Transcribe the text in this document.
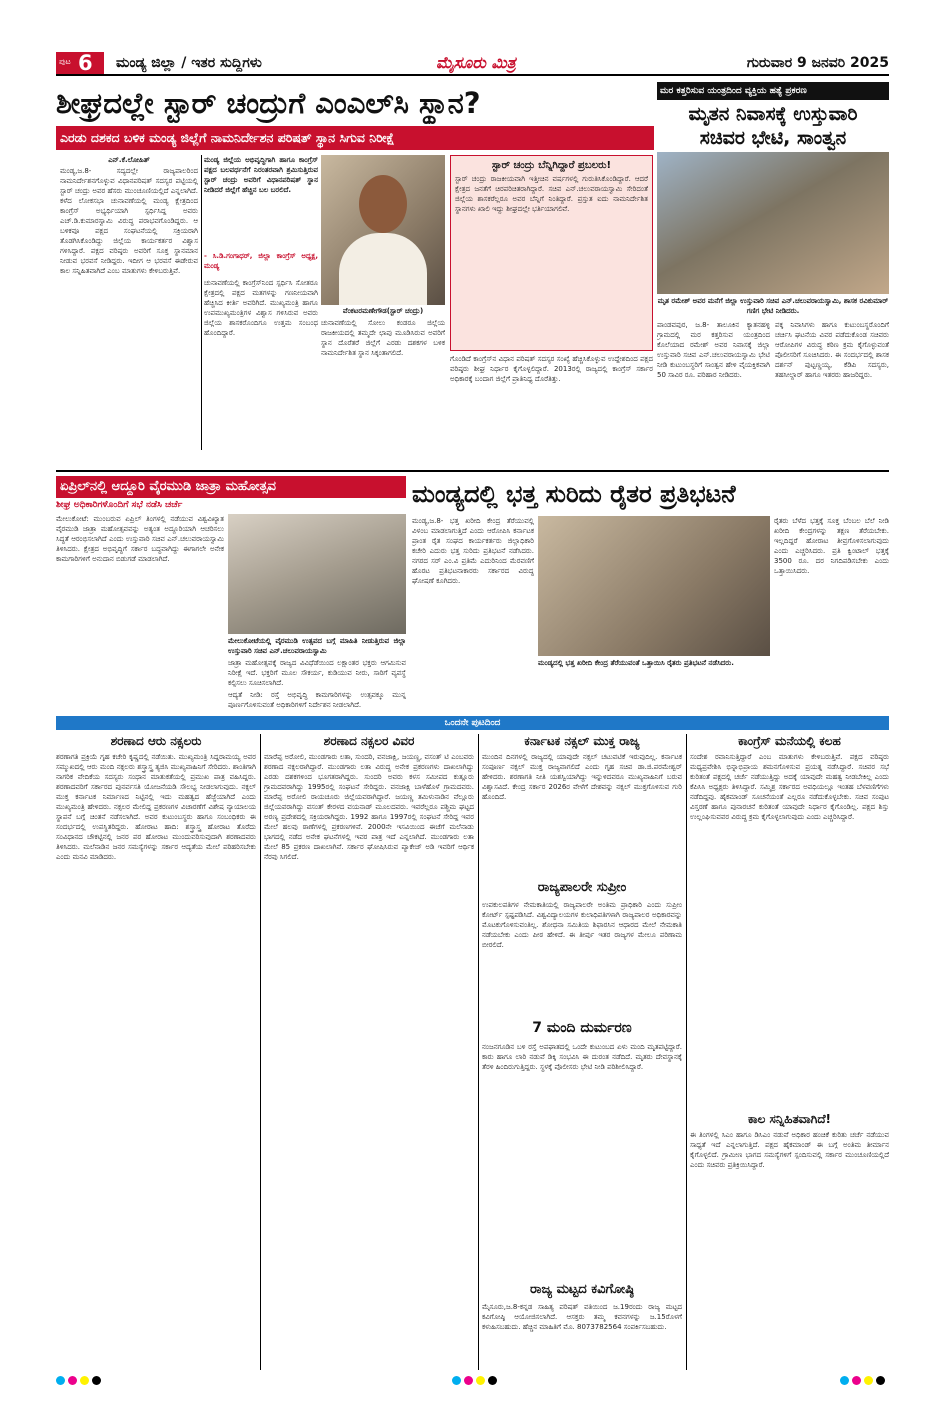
ಪುಟ 6 ಮಂಡ್ಯ ಜಿಲ್ಲಾ / ಇತರ ಸುದ್ದಿಗಳು	ಮೈಸೂರು ಮಿತ್ರ	ಗುರುವಾರ 9 ಜನವರಿ 2025
ಶೀಘ್ರದಲ್ಲೇ ಸ್ಟಾರ್ ಚಂದ್ರುಗೆ ಎಂಎಲ್‌ಸಿ ಸ್ಥಾನ?
ಎರಡು ದಶಕದ ಬಳಿಕ ಮಂಡ್ಯ ಜಿಲ್ಲೆಗೆ ನಾಮನಿರ್ದೇಶನ ಪರಿಷತ್ ಸ್ಥಾನ ಸಿಗುವ ನಿರೀಕ್ಷೆ
ಎನ್.ಕೆ.ಲೋಹಿತ್
ಮಂಡ್ಯ,ಜ.8- ಸದ್ಯದಲ್ಲೇ ರಾಜ್ಯಪಾಲರಿಂದ ನಾಮನಿರ್ದೇಶನಗೊಳ್ಳುವ ವಿಧಾನಪರಿಷತ್ ಸದಸ್ಯರ ಪಟ್ಟಿಯಲ್ಲಿ ಸ್ಟಾರ್ ಚಂದ್ರು ಅವರ ಹೆಸರು ಮುಂಚೂಣಿಯಲ್ಲಿದೆ ಎನ್ನಲಾಗಿದೆ. ಕಳೆದ ಲೋಕಸಭಾ ಚುನಾವಣೆಯಲ್ಲಿ ಮಂಡ್ಯ ಕ್ಷೇತ್ರದಿಂದ ಕಾಂಗ್ರೆಸ್ ಅಭ್ಯರ್ಥಿಯಾಗಿ ಸ್ಪರ್ಧಿಸಿದ್ದ ಅವರು ಎಚ್.ಡಿ.ಕುಮಾರಸ್ವಾಮಿ ವಿರುದ್ಧ ಪರಾಭವಗೊಂಡಿದ್ದರು. ಆ ಬಳಿಕವೂ ಪಕ್ಷದ ಸಂಘಟನೆಯಲ್ಲಿ ಸಕ್ರಿಯರಾಗಿ ತೊಡಗಿಸಿಕೊಂಡಿದ್ದು ಜಿಲ್ಲೆಯ ಕಾರ್ಯಕರ್ತರ ವಿಶ್ವಾಸ ಗಳಿಸಿದ್ದಾರೆ. ಪಕ್ಷದ ವರಿಷ್ಠರು ಅವರಿಗೆ ಸೂಕ್ತ ಸ್ಥಾನಮಾನ ನೀಡುವ ಭರವಸೆ ನೀಡಿದ್ದರು. ಇದೀಗ ಆ ಭರವಸೆ ಈಡೇರುವ ಕಾಲ ಸನ್ನಿಹಿತವಾಗಿದೆ ಎಂಬ ಮಾತುಗಳು ಕೇಳಿಬರುತ್ತಿವೆ.
ಮಂಡ್ಯ ಜಿಲ್ಲೆಯ ಅಭಿವೃದ್ಧಿಗಾಗಿ ಹಾಗೂ ಕಾಂಗ್ರೆಸ್ ಪಕ್ಷದ ಬಲವರ್ಧನೆಗೆ ನಿರಂತರವಾಗಿ ಶ್ರಮಿಸುತ್ತಿರುವ ಸ್ಟಾರ್ ಚಂದ್ರು ಅವರಿಗೆ ವಿಧಾನಪರಿಷತ್ ಸ್ಥಾನ ನೀಡಿದರೆ ಜಿಲ್ಲೆಗೆ ಹೆಚ್ಚಿನ ಬಲ ಬರಲಿದೆ.
- ಸಿ.ಡಿ.ಗಂಗಾಧರ್, ಜಿಲ್ಲಾ ಕಾಂಗ್ರೆಸ್ ಅಧ್ಯಕ್ಷ, ಮಂಡ್ಯ
ಚುನಾವಣೆಯಲ್ಲಿ ಕಾಂಗ್ರೆಸ್‌ನಿಂದ ಸ್ಪರ್ಧಿಸಿ ಸೋತರೂ ಕ್ಷೇತ್ರದಲ್ಲಿ ಪಕ್ಷದ ಮತಗಳನ್ನು ಗಣನೀಯವಾಗಿ ಹೆಚ್ಚಿಸಿದ ಕೀರ್ತಿ ಅವರಿಗಿದೆ. ಮುಖ್ಯಮಂತ್ರಿ ಹಾಗೂ ಉಪಮುಖ್ಯಮಂತ್ರಿಗಳ ವಿಶ್ವಾಸ ಗಳಿಸಿರುವ ಅವರು ಜಿಲ್ಲೆಯ ಶಾಸಕರೊಂದಿಗೂ ಉತ್ತಮ ಸಂಬಂಧ ಹೊಂದಿದ್ದಾರೆ.
ವೆಂಕಟರಮಣೇಗೌಡ(ಸ್ಟಾರ್ ಚಂದ್ರು)
ಚುನಾವಣೆಯಲ್ಲಿ ಸೋಲು ಕಂಡರೂ ಜಿಲ್ಲೆಯ ರಾಜಕೀಯದಲ್ಲಿ ತಮ್ಮದೇ ಛಾಪು ಮೂಡಿಸಿರುವ ಅವರಿಗೆ ಸ್ಥಾನ ದೊರೆತರೆ ಜಿಲ್ಲೆಗೆ ಎರಡು ದಶಕಗಳ ಬಳಿಕ ನಾಮನಿರ್ದೇಶಿತ ಸ್ಥಾನ ಸಿಕ್ಕಂತಾಗಲಿದೆ.
ಸ್ಟಾರ್ ಚಂದ್ರು ಬೆನ್ನಿಗಿದ್ದಾರೆ ಪ್ರಬಲರು!
ಸ್ಟಾರ್ ಚಂದ್ರು ರಾಜಕೀಯವಾಗಿ ಇತ್ತೀಚಿನ ವರ್ಷಗಳಲ್ಲಿ ಗುರುತಿಸಿಕೊಂಡಿದ್ದಾರೆ. ಆದರೆ ಕ್ಷೇತ್ರದ ಜನತೆಗೆ ಚಿರಪರಿಚಿತರಾಗಿದ್ದಾರೆ. ಸಚಿವ ಎನ್.ಚಲುವರಾಯಸ್ವಾಮಿ ಸೇರಿದಂತೆ ಜಿಲ್ಲೆಯ ಶಾಸಕರೆಲ್ಲರೂ ಅವರ ಬೆನ್ನಿಗೆ ನಿಂತಿದ್ದಾರೆ. ಪ್ರಸ್ತುತ ಐದು ನಾಮನಿರ್ದೇಶಿತ ಸ್ಥಾನಗಳು ಖಾಲಿ ಇದ್ದು ಶೀಘ್ರದಲ್ಲೇ ಭರ್ತಿಯಾಗಲಿವೆ.
ಗೊಂಡಿದೆ ಕಾಂಗ್ರೆಸ್‌ನ ವಿಧಾನ ಪರಿಷತ್ ಸದಸ್ಯರ ಸಂಖ್ಯೆ ಹೆಚ್ಚಿಸಿಕೊಳ್ಳುವ ಉದ್ದೇಶದಿಂದ ಪಕ್ಷದ ವರಿಷ್ಠರು ಶೀಘ್ರ ನಿರ್ಧಾರ ಕೈಗೊಳ್ಳಲಿದ್ದಾರೆ. 2013ರಲ್ಲಿ ರಾಜ್ಯದಲ್ಲಿ ಕಾಂಗ್ರೆಸ್ ಸರ್ಕಾರ ಅಧಿಕಾರಕ್ಕೆ ಬಂದಾಗ ಜಿಲ್ಲೆಗೆ ಪ್ರಾತಿನಿಧ್ಯ ದೊರೆತಿತ್ತು.
ಮರ ಕತ್ತರಿಸುವ ಯಂತ್ರದಿಂದ ವ್ಯಕ್ತಿಯ ಹತ್ಯೆ ಪ್ರಕರಣ
ಮೃತನ ನಿವಾಸಕ್ಕೆ ಉಸ್ತುವಾರಿ
ಸಚಿವರ ಭೇಟಿ, ಸಾಂತ್ವನ
ಮೃತ ರಮೇಶ್ ಅವರ ಮನೆಗೆ ಜಿಲ್ಲಾ ಉಸ್ತುವಾರಿ ಸಚಿವ ಎನ್.ಚಲುವರಾಯಸ್ವಾಮಿ, ಶಾಸಕ ರವಿಕುಮಾರ್ ಗಣಿಗ ಭೇಟಿ ನೀಡಿದರು.
ಪಾಂಡವಪುರ, ಜ.8- ತಾಲೂಕಿನ ಕ್ಯಾತನಹಳ್ಳಿ ಗ್ರಾಮದಲ್ಲಿ ಮರ ಕತ್ತರಿಸುವ ಯಂತ್ರದಿಂದ ಕೊಲೆಯಾದ ರಮೇಶ್ ಅವರ ನಿವಾಸಕ್ಕೆ ಜಿಲ್ಲಾ ಉಸ್ತುವಾರಿ ಸಚಿವ ಎನ್.ಚಲುವರಾಯಸ್ವಾಮಿ ಭೇಟಿ ನೀಡಿ ಕುಟುಂಬಸ್ಥರಿಗೆ ಸಾಂತ್ವನ ಹೇಳಿ ವೈಯಕ್ತಿಕವಾಗಿ 50 ಸಾವಿರ ರೂ. ಪರಿಹಾರ ನೀಡಿದರು.
ಪಕ್ಕ ನಿವಾಸಿಗಳು ಹಾಗೂ ಕುಟುಂಬಸ್ಥರೊಂದಿಗೆ ಚರ್ಚಿಸಿ ಘಟನೆಯ ವಿವರ ಪಡೆದುಕೊಂಡ ಸಚಿವರು ಆರೋಪಿಗಳ ವಿರುದ್ಧ ಕಠಿಣ ಕ್ರಮ ಕೈಗೊಳ್ಳುವಂತೆ ಪೊಲೀಸರಿಗೆ ಸೂಚಿಸಿದರು. ಈ ಸಂದರ್ಭದಲ್ಲಿ ಶಾಸಕ ದರ್ಶನ್ ಪುಟ್ಟಣ್ಣಯ್ಯ, ಕೆಡಿಪಿ ಸದಸ್ಯರು, ತಹಸೀಲ್ದಾರ್ ಹಾಗೂ ಇತರರು ಹಾಜರಿದ್ದರು.
ಏಪ್ರಿಲ್‌ನಲ್ಲಿ ಆದ್ದೂರಿ ವೈರಮುಡಿ ಜಾತ್ರಾ ಮಹೋತ್ಸವ
ಶೀಘ್ರ ಅಧಿಕಾರಿಗಳೊಂದಿಗೆ ಸಭೆ ನಡೆಸಿ ಚರ್ಚೆ
ಮೇಲುಕೋಟೆ: ಮುಂಬರುವ ಏಪ್ರಿಲ್ ತಿಂಗಳಲ್ಲಿ ನಡೆಯುವ ವಿಶ್ವವಿಖ್ಯಾತ ವೈರಮುಡಿ ಜಾತ್ರಾ ಮಹೋತ್ಸವವನ್ನು ಅತ್ಯಂತ ಅದ್ದೂರಿಯಾಗಿ ಆಚರಿಸಲು ಸಿದ್ಧತೆ ಆರಂಭಿಸಲಾಗಿದೆ ಎಂದು ಉಸ್ತುವಾರಿ ಸಚಿವ ಎನ್.ಚಲುವರಾಯಸ್ವಾಮಿ ತಿಳಿಸಿದರು. ಕ್ಷೇತ್ರದ ಅಭಿವೃದ್ಧಿಗೆ ಸರ್ಕಾರ ಬದ್ಧವಾಗಿದ್ದು ಈಗಾಗಲೇ ಅನೇಕ ಕಾಮಗಾರಿಗಳಿಗೆ ಅನುದಾನ ಬಿಡುಗಡೆ ಮಾಡಲಾಗಿದೆ.
ಮೇಲುಕೋಟೆಯಲ್ಲಿ ವೈರಮುಡಿ ಉತ್ಸವದ ಬಗ್ಗೆ ಮಾಹಿತಿ ನೀಡುತ್ತಿರುವ ಜಿಲ್ಲಾ ಉಸ್ತುವಾರಿ ಸಚಿವ ಎನ್.ಚಲುವರಾಯಸ್ವಾಮಿ
ಜಾತ್ರಾ ಮಹೋತ್ಸವಕ್ಕೆ ರಾಜ್ಯದ ವಿವಿಧೆಡೆಯಿಂದ ಲಕ್ಷಾಂತರ ಭಕ್ತರು ಆಗಮಿಸುವ ನಿರೀಕ್ಷೆ ಇದೆ. ಭಕ್ತರಿಗೆ ಮೂಲ ಸೌಕರ್ಯ, ಕುಡಿಯುವ ನೀರು, ಸಾರಿಗೆ ವ್ಯವಸ್ಥೆ ಕಲ್ಪಿಸಲು ಸೂಚಿಸಲಾಗಿದೆ.
ಆದ್ಯತೆ ನೀಡಿ: ರಸ್ತೆ ಅಭಿವೃದ್ಧಿ ಕಾಮಗಾರಿಗಳನ್ನು ಉತ್ಸವಕ್ಕೂ ಮುನ್ನ ಪೂರ್ಣಗೊಳಿಸುವಂತೆ ಅಧಿಕಾರಿಗಳಿಗೆ ನಿರ್ದೇಶನ ನೀಡಲಾಗಿದೆ.
ಮಂಡ್ಯದಲ್ಲಿ ಭತ್ತ ಸುರಿದು ರೈತರ ಪ್ರತಿಭಟನೆ
ಮಂಡ್ಯ,ಜ.8- ಭತ್ತ ಖರೀದಿ ಕೇಂದ್ರ ತೆರೆಯುವಲ್ಲಿ ವಿಳಂಬ ಮಾಡಲಾಗುತ್ತಿದೆ ಎಂದು ಆರೋಪಿಸಿ ಕರ್ನಾಟಕ ಪ್ರಾಂತ ರೈತ ಸಂಘದ ಕಾರ್ಯಕರ್ತರು ಜಿಲ್ಲಾಧಿಕಾರಿ ಕಚೇರಿ ಎದುರು ಭತ್ತ ಸುರಿದು ಪ್ರತಿಭಟನೆ ನಡೆಸಿದರು. ನಗರದ ಸರ್ ಎಂ.ವಿ ಪ್ರತಿಮೆ ಎದುರಿನಿಂದ ಮೆರವಣಿಗೆ ಹೊರಟ ಪ್ರತಿಭಟನಾಕಾರರು ಸರ್ಕಾರದ ವಿರುದ್ಧ ಘೋಷಣೆ ಕೂಗಿದರು.
ಮಂಡ್ಯದಲ್ಲಿ ಭತ್ತ ಖರೀದಿ ಕೇಂದ್ರ ತೆರೆಯುವಂತೆ ಒತ್ತಾಯಿಸಿ ರೈತರು ಪ್ರತಿಭಟನೆ ನಡೆಸಿದರು.
ರೈತರು ಬೆಳೆದ ಭತ್ತಕ್ಕೆ ಸೂಕ್ತ ಬೆಂಬಲ ಬೆಲೆ ನೀಡಿ ಖರೀದಿ ಕೇಂದ್ರಗಳನ್ನು ತಕ್ಷಣ ತೆರೆಯಬೇಕು. ಇಲ್ಲದಿದ್ದರೆ ಹೋರಾಟ ತೀವ್ರಗೊಳಿಸಲಾಗುವುದು ಎಂದು ಎಚ್ಚರಿಸಿದರು. ಪ್ರತಿ ಕ್ವಿಂಟಾಲ್ ಭತ್ತಕ್ಕೆ 3500 ರೂ. ದರ ನಿಗದಿಪಡಿಸಬೇಕು ಎಂದು ಒತ್ತಾಯಿಸಿದರು.
ಒಂದನೇ ಪುಟದಿಂದ
ಶರಣಾದ ಆರು ನಕ್ಸಲರು
ಶರಣಾಗತಿ ಪ್ರಕ್ರಿಯೆ ಗೃಹ ಕಚೇರಿ ಕೃಷ್ಣದಲ್ಲಿ ನಡೆಯಿತು. ಮುಖ್ಯಮಂತ್ರಿ ಸಿದ್ದರಾಮಯ್ಯ ಅವರ ಸಮ್ಮುಖದಲ್ಲಿ ಆರು ಮಂದಿ ನಕ್ಸಲರು ಶಸ್ತ್ರಾಸ್ತ್ರ ತ್ಯಜಿಸಿ ಮುಖ್ಯವಾಹಿನಿಗೆ ಸೇರಿದರು. ಶಾಂತಿಗಾಗಿ ನಾಗರಿಕ ವೇದಿಕೆಯ ಸದಸ್ಯರು ಸಂಧಾನ ಮಾತುಕತೆಯಲ್ಲಿ ಪ್ರಮುಖ ಪಾತ್ರ ವಹಿಸಿದ್ದರು. ಶರಣಾದವರಿಗೆ ಸರ್ಕಾರದ ಪುನರ್ವಸತಿ ಯೋಜನೆಯಡಿ ಸೌಲಭ್ಯ ನೀಡಲಾಗುವುದು. ನಕ್ಸಲ್ ಮುಕ್ತ ಕರ್ನಾಟಕ ನಿರ್ಮಾಣದ ನಿಟ್ಟಿನಲ್ಲಿ ಇದು ಮಹತ್ವದ ಹೆಜ್ಜೆಯಾಗಿದೆ ಎಂದು ಮುಖ್ಯಮಂತ್ರಿ ಹೇಳಿದರು. ನಕ್ಸಲರ ಮೇಲಿದ್ದ ಪ್ರಕರಣಗಳ ವಿಚಾರಣೆಗೆ ವಿಶೇಷ ನ್ಯಾಯಾಲಯ ಸ್ಥಾಪನೆ ಬಗ್ಗೆ ಚಿಂತನೆ ನಡೆಸಲಾಗಿದೆ. ಅವರ ಕುಟುಂಬಸ್ಥರು ಹಾಗೂ ಸಂಬಂಧಿಕರು ಈ ಸಂದರ್ಭದಲ್ಲಿ ಉಪಸ್ಥಿತರಿದ್ದರು. ಹೋರಾಟ ಹಾದಿ: ಶಸ್ತ್ರಾಸ್ತ್ರ ಹೋರಾಟ ತೊರೆದು ಸಂವಿಧಾನದ ಚೌಕಟ್ಟಿನಲ್ಲಿ ಜನರ ಪರ ಹೋರಾಟ ಮುಂದುವರಿಸುವುದಾಗಿ ಶರಣಾದವರು ತಿಳಿಸಿದರು. ಮಲೆನಾಡಿನ ಜನರ ಸಮಸ್ಯೆಗಳನ್ನು ಸರ್ಕಾರ ಆದ್ಯತೆಯ ಮೇಲೆ ಪರಿಹರಿಸಬೇಕು ಎಂದು ಮನವಿ ಮಾಡಿದರು.
ಶರಣಾದ ನಕ್ಸಲರ ವಿವರ
ಮಾರೆಪ್ಪ ಅರೋಲಿ, ಮುಂಡಗಾರು ಲತಾ, ಸುಂದರಿ, ವನಜಾಕ್ಷಿ, ಜಯಣ್ಣ, ವಸಂತ್ ಟಿ ಎಂಬವರು ಶರಣಾದ ನಕ್ಸಲರಾಗಿದ್ದಾರೆ. ಮುಂಡಗಾರು ಲತಾ ವಿರುದ್ಧ ಅನೇಕ ಪ್ರಕರಣಗಳು ದಾಖಲಾಗಿದ್ದು ಎರಡು ದಶಕಗಳಿಂದ ಭೂಗತರಾಗಿದ್ದರು. ಸುಂದರಿ ಅವರು ಕಳಸ ಸಮೀಪದ ಕುತ್ಲೂರು ಗ್ರಾಮದವರಾಗಿದ್ದು 1995ರಲ್ಲಿ ಸಂಘಟನೆ ಸೇರಿದ್ದರು. ವನಜಾಕ್ಷಿ ಬಾಳೆಹೊಳೆ ಗ್ರಾಮದವರು. ಮಾರೆಪ್ಪ ಅರೋಲಿ ರಾಯಚೂರು ಜಿಲ್ಲೆಯವರಾಗಿದ್ದಾರೆ. ಜಯಣ್ಣ ತಮಿಳುನಾಡಿನ ವೆಲ್ಲೂರು ಜಿಲ್ಲೆಯವರಾಗಿದ್ದು ವಸಂತ್ ಕೇರಳದ ವಯನಾಡ್ ಮೂಲದವರು. ಇವರೆಲ್ಲರೂ ಪಶ್ಚಿಮ ಘಟ್ಟದ ಅರಣ್ಯ ಪ್ರದೇಶದಲ್ಲಿ ಸಕ್ರಿಯರಾಗಿದ್ದರು. 1992 ಹಾಗೂ 1997ರಲ್ಲಿ ಸಂಘಟನೆ ಸೇರಿದ್ದ ಇವರ ಮೇಲೆ ಹಲವು ಠಾಣೆಗಳಲ್ಲಿ ಪ್ರಕರಣಗಳಿವೆ. 2000ನೇ ಇಸವಿಯಿಂದ ಈಚೆಗೆ ಮಲೆನಾಡು ಭಾಗದಲ್ಲಿ ನಡೆದ ಅನೇಕ ಘಟನೆಗಳಲ್ಲಿ ಇವರ ಪಾತ್ರ ಇದೆ ಎನ್ನಲಾಗಿದೆ. ಮುಂಡಗಾರು ಲತಾ ಮೇಲೆ 85 ಪ್ರಕರಣ ದಾಖಲಾಗಿವೆ. ಸರ್ಕಾರ ಘೋಷಿಸಿರುವ ಪ್ಯಾಕೇಜ್ ಅಡಿ ಇವರಿಗೆ ಆರ್ಥಿಕ ನೆರವು ಸಿಗಲಿದೆ.
ಕರ್ನಾಟಕ ನಕ್ಸಲ್ ಮುಕ್ತ ರಾಜ್ಯ
ಮುಂದಿನ ದಿನಗಳಲ್ಲಿ ರಾಜ್ಯದಲ್ಲಿ ಯಾವುದೇ ನಕ್ಸಲ್ ಚಟುವಟಿಕೆ ಇರುವುದಿಲ್ಲ. ಕರ್ನಾಟಕ ಸಂಪೂರ್ಣ ನಕ್ಸಲ್ ಮುಕ್ತ ರಾಜ್ಯವಾಗಲಿದೆ ಎಂದು ಗೃಹ ಸಚಿವ ಡಾ.ಜಿ.ಪರಮೇಶ್ವರ್ ಹೇಳಿದರು. ಶರಣಾಗತಿ ನೀತಿ ಯಶಸ್ವಿಯಾಗಿದ್ದು ಇನ್ನುಳಿದವರೂ ಮುಖ್ಯವಾಹಿನಿಗೆ ಬರುವ ವಿಶ್ವಾಸವಿದೆ. ಕೇಂದ್ರ ಸರ್ಕಾರ 2026ರ ವೇಳೆಗೆ ದೇಶವನ್ನು ನಕ್ಸಲ್ ಮುಕ್ತಗೊಳಿಸುವ ಗುರಿ ಹೊಂದಿದೆ.
ರಾಜ್ಯಪಾಲರೇ ಸುಪ್ರೀಂ
ಉಪಕುಲಪತಿಗಳ ನೇಮಕಾತಿಯಲ್ಲಿ ರಾಜ್ಯಪಾಲರೇ ಅಂತಿಮ ಪ್ರಾಧಿಕಾರಿ ಎಂದು ಸುಪ್ರೀಂ ಕೋರ್ಟ್ ಸ್ಪಷ್ಟಪಡಿಸಿದೆ. ವಿಶ್ವವಿದ್ಯಾಲಯಗಳ ಕುಲಾಧಿಪತಿಗಳಾಗಿ ರಾಜ್ಯಪಾಲರ ಅಧಿಕಾರವನ್ನು ಮೊಟಕುಗೊಳಿಸುವಂತಿಲ್ಲ. ಶೋಧನಾ ಸಮಿತಿಯ ಶಿಫಾರಸಿನ ಆಧಾರದ ಮೇಲೆ ನೇಮಕಾತಿ ನಡೆಯಬೇಕು ಎಂದು ಪೀಠ ಹೇಳಿದೆ. ಈ ತೀರ್ಪು ಇತರ ರಾಜ್ಯಗಳ ಮೇಲೂ ಪರಿಣಾಮ ಬೀರಲಿದೆ.
7 ಮಂದಿ ದುರ್ಮರಣ
ನಂಜನಗೂಡಿನ ಬಳಿ ರಸ್ತೆ ಅಪಘಾತದಲ್ಲಿ ಒಂದೇ ಕುಟುಂಬದ ಏಳು ಮಂದಿ ಮೃತಪಟ್ಟಿದ್ದಾರೆ. ಕಾರು ಹಾಗೂ ಲಾರಿ ನಡುವೆ ಡಿಕ್ಕಿ ಸಂಭವಿಸಿ ಈ ದುರಂತ ನಡೆದಿದೆ. ಮೃತರು ದೇವಸ್ಥಾನಕ್ಕೆ ತೆರಳಿ ಹಿಂದಿರುಗುತ್ತಿದ್ದರು. ಸ್ಥಳಕ್ಕೆ ಪೊಲೀಸರು ಭೇಟಿ ನೀಡಿ ಪರಿಶೀಲಿಸಿದ್ದಾರೆ.
ರಾಜ್ಯ ಮಟ್ಟದ ಕವಿಗೋಷ್ಠಿ
ಮೈಸೂರು,ಜ.8-ಕನ್ನಡ ಸಾಹಿತ್ಯ ಪರಿಷತ್ ವತಿಯಿಂದ ಜ.19ರಂದು ರಾಜ್ಯ ಮಟ್ಟದ ಕವಿಗೋಷ್ಠಿ ಆಯೋಜಿಸಲಾಗಿದೆ. ಆಸಕ್ತರು ತಮ್ಮ ಕವನಗಳನ್ನು ಜ.15ರೊಳಗೆ ಕಳುಹಿಸಬಹುದು. ಹೆಚ್ಚಿನ ಮಾಹಿತಿಗೆ ಮೊ. 8073782564 ಸಂಪರ್ಕಿಸಬಹುದು.
ಕಾಂಗ್ರೆಸ್ ಮನೆಯಲ್ಲಿ ಕಲಹ
ಸಂದೇಶ ರವಾನಿಸುತ್ತಿದ್ದಾರೆ ಎಂಬ ಮಾತುಗಳು ಕೇಳಿಬರುತ್ತಿವೆ. ಪಕ್ಷದ ವರಿಷ್ಠರು ಮಧ್ಯಪ್ರವೇಶಿಸಿ ಭಿನ್ನಾಭಿಪ್ರಾಯ ಶಮನಗೊಳಿಸುವ ಪ್ರಯತ್ನ ನಡೆಸಿದ್ದಾರೆ. ಸಚಿವರ ಸಭೆ ಕುರಿತಂತೆ ಪಕ್ಷದಲ್ಲಿ ಚರ್ಚೆ ನಡೆಯುತ್ತಿದ್ದು ಅದಕ್ಕೆ ಯಾವುದೇ ಮಹತ್ವ ನೀಡಬೇಕಿಲ್ಲ ಎಂದು ಕೆಪಿಸಿಸಿ ಅಧ್ಯಕ್ಷರು ತಿಳಿಸಿದ್ದಾರೆ. ಸಮ್ಮಿಶ್ರ ಸರ್ಕಾರದ ಅವಧಿಯಲ್ಲೂ ಇಂತಹ ಬೆಳವಣಿಗೆಗಳು ನಡೆದಿದ್ದವು. ಹೈಕಮಾಂಡ್ ಸೂಚನೆಯಂತೆ ಎಲ್ಲರೂ ನಡೆದುಕೊಳ್ಳಬೇಕು. ಸಚಿವ ಸಂಪುಟ ವಿಸ್ತರಣೆ ಹಾಗೂ ಪುನಾರಚನೆ ಕುರಿತಂತೆ ಯಾವುದೇ ನಿರ್ಧಾರ ಕೈಗೊಂಡಿಲ್ಲ. ಪಕ್ಷದ ಶಿಸ್ತು ಉಲ್ಲಂಘಿಸುವವರ ವಿರುದ್ಧ ಕ್ರಮ ಕೈಗೊಳ್ಳಲಾಗುವುದು ಎಂದು ಎಚ್ಚರಿಸಿದ್ದಾರೆ.
ಕಾಲ ಸನ್ನಿಹಿತವಾಗಿದೆ!
ಈ ತಿಂಗಳಲ್ಲಿ ಸಿಎಂ ಹಾಗೂ ಡಿಸಿಎಂ ನಡುವೆ ಅಧಿಕಾರ ಹಂಚಿಕೆ ಕುರಿತು ಚರ್ಚೆ ನಡೆಯುವ ಸಾಧ್ಯತೆ ಇದೆ ಎನ್ನಲಾಗುತ್ತಿದೆ. ಪಕ್ಷದ ಹೈಕಮಾಂಡ್ ಈ ಬಗ್ಗೆ ಅಂತಿಮ ತೀರ್ಮಾನ ಕೈಗೊಳ್ಳಲಿದೆ. ಗ್ರಾಮೀಣ ಭಾಗದ ಸಮಸ್ಯೆಗಳಿಗೆ ಸ್ಪಂದಿಸುವಲ್ಲಿ ಸರ್ಕಾರ ಮುಂಚೂಣಿಯಲ್ಲಿದೆ ಎಂದು ಸಚಿವರು ಪ್ರತಿಕ್ರಿಯಿಸಿದ್ದಾರೆ.
